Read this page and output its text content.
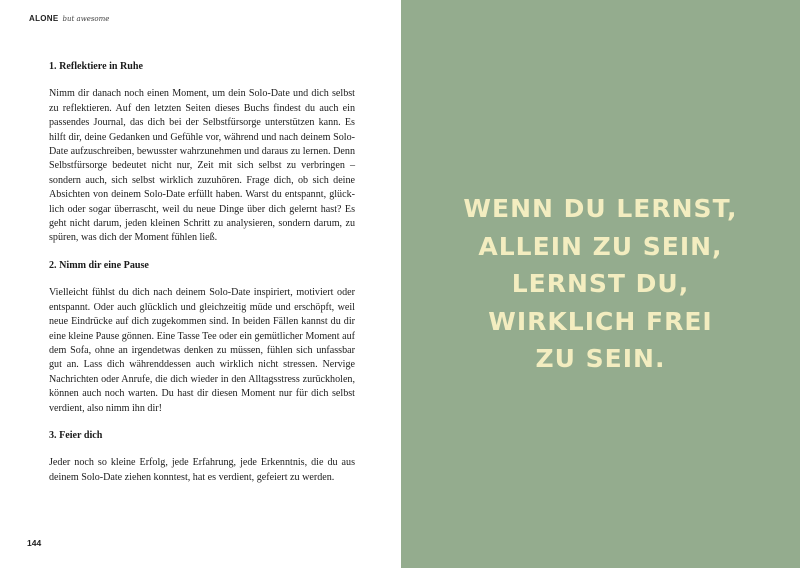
ALONE but awesome

1. Reflektiere in Ruhe

Nimm dir danach noch einen Moment, um dein Solo-Date und dich selbst zu reflektieren. Auf den letzten Seiten dieses Buchs findest du auch ein passendes Journal, das dich bei der Selbstfürsorge unterstützen kann. Es hilft dir, deine Gedanken und Gefühle vor, während und nach deinem Solo-Date aufzuschreiben, bewusster wahrzunehmen und daraus zu lernen. Denn Selbstfürsorge bedeutet nicht nur, Zeit mit sich selbst zu verbringen – sondern auch, sich selbst wirklich zuzuhören. Frage dich, ob sich deine Absichten von deinem Solo-Date erfüllt haben. Warst du entspannt, glücklich oder sogar überrascht, weil du neue Dinge über dich gelernt hast? Es geht nicht darum, jeden kleinen Schritt zu analysieren, sondern darum, zu spüren, was dich der Moment fühlen ließ.

2. Nimm dir eine Pause

Vielleicht fühlst du dich nach deinem Solo-Date inspiriert, motiviert oder entspannt. Oder auch glücklich und gleichzeitig müde und erschöpft, weil neue Eindrücke auf dich zugekommen sind. In beiden Fällen kannst du dir eine kleine Pause gönnen. Eine Tasse Tee oder ein gemütlicher Moment auf dem Sofa, ohne an irgendetwas denken zu müssen, fühlen sich unfassbar gut an. Lass dich währenddessen auch wirklich nicht stressen. Nervige Nachrichten oder Anrufe, die dich wieder in den Alltagsstress zurückholen, können auch noch warten. Du hast dir diesen Moment nur für dich selbst verdient, also nimm ihn dir!

3. Feier dich

Jeder noch so kleine Erfolg, jede Erfahrung, jede Erkenntnis, die du aus deinem Solo-Date ziehen konntest, hat es verdient, gefeiert zu werden.

144
WENN DU LERNST,
ALLEIN ZU SEIN,
LERNST DU,
WIRKLICH FREI
ZU SEIN.
